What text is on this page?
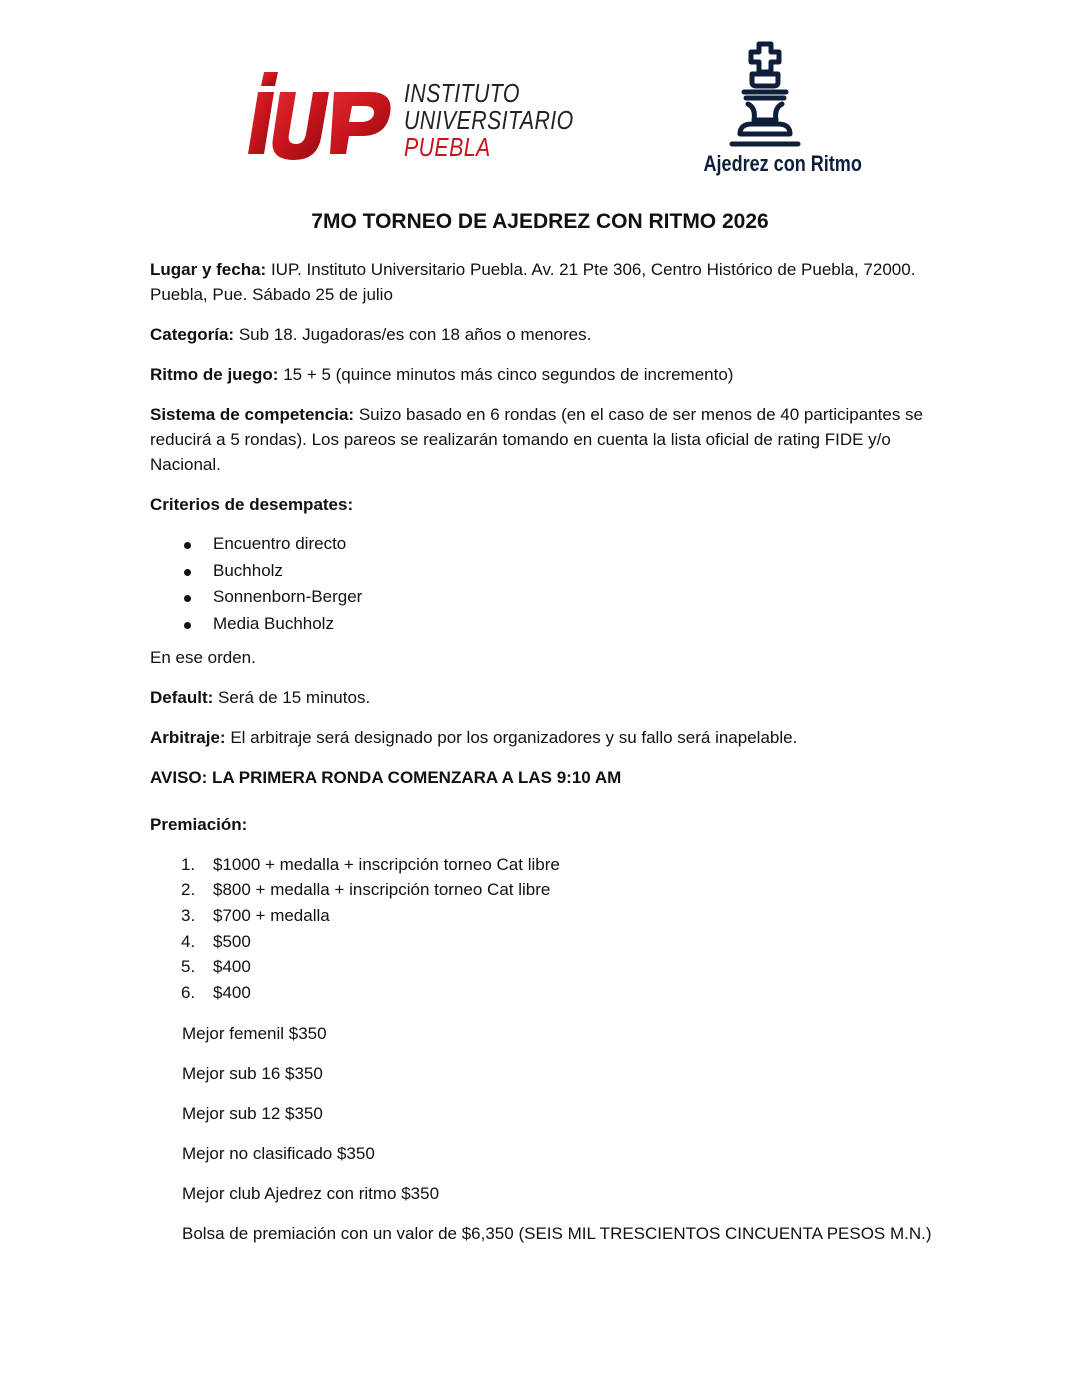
INSTITUTO
UNIVERSITARIO
PUEBLA
Ajedrez con Ritmo
7MO TORNEO DE AJEDREZ CON RITMO 2026

Lugar y fecha: IUP. Instituto Universitario Puebla. Av. 21 Pte 306, Centro Histórico de Puebla, 72000. Puebla, Pue. Sábado 25 de julio

Categoría: Sub 18. Jugadoras/es con 18 años o menores.

Ritmo de juego: 15 + 5 (quince minutos más cinco segundos de incremento)

Sistema de competencia: Suizo basado en 6 rondas (en el caso de ser menos de 40 participantes se reducirá a 5 rondas). Los pareos se realizarán tomando en cuenta la lista oficial de rating FIDE y/o Nacional.

Criterios de desempates:

Encuentro directo
Buchholz
Sonnenborn-Berger
Media Buchholz

En ese orden.

Default: Será de 15 minutos.

Arbitraje: El arbitraje será designado por los organizadores y su fallo será inapelable.

AVISO: LA PRIMERA RONDA COMENZARA A LAS 9:10 AM

Premiación:

1. $1000 + medalla + inscripción torneo Cat libre
2. $800 + medalla + inscripción torneo Cat libre
3. $700 + medalla
4. $500
5. $400
6. $400

Mejor femenil $350

Mejor sub 16 $350

Mejor sub 12 $350

Mejor no clasificado $350

Mejor club Ajedrez con ritmo $350

Bolsa de premiación con un valor de $6,350 (SEIS MIL TRESCIENTOS CINCUENTA PESOS M.N.)
